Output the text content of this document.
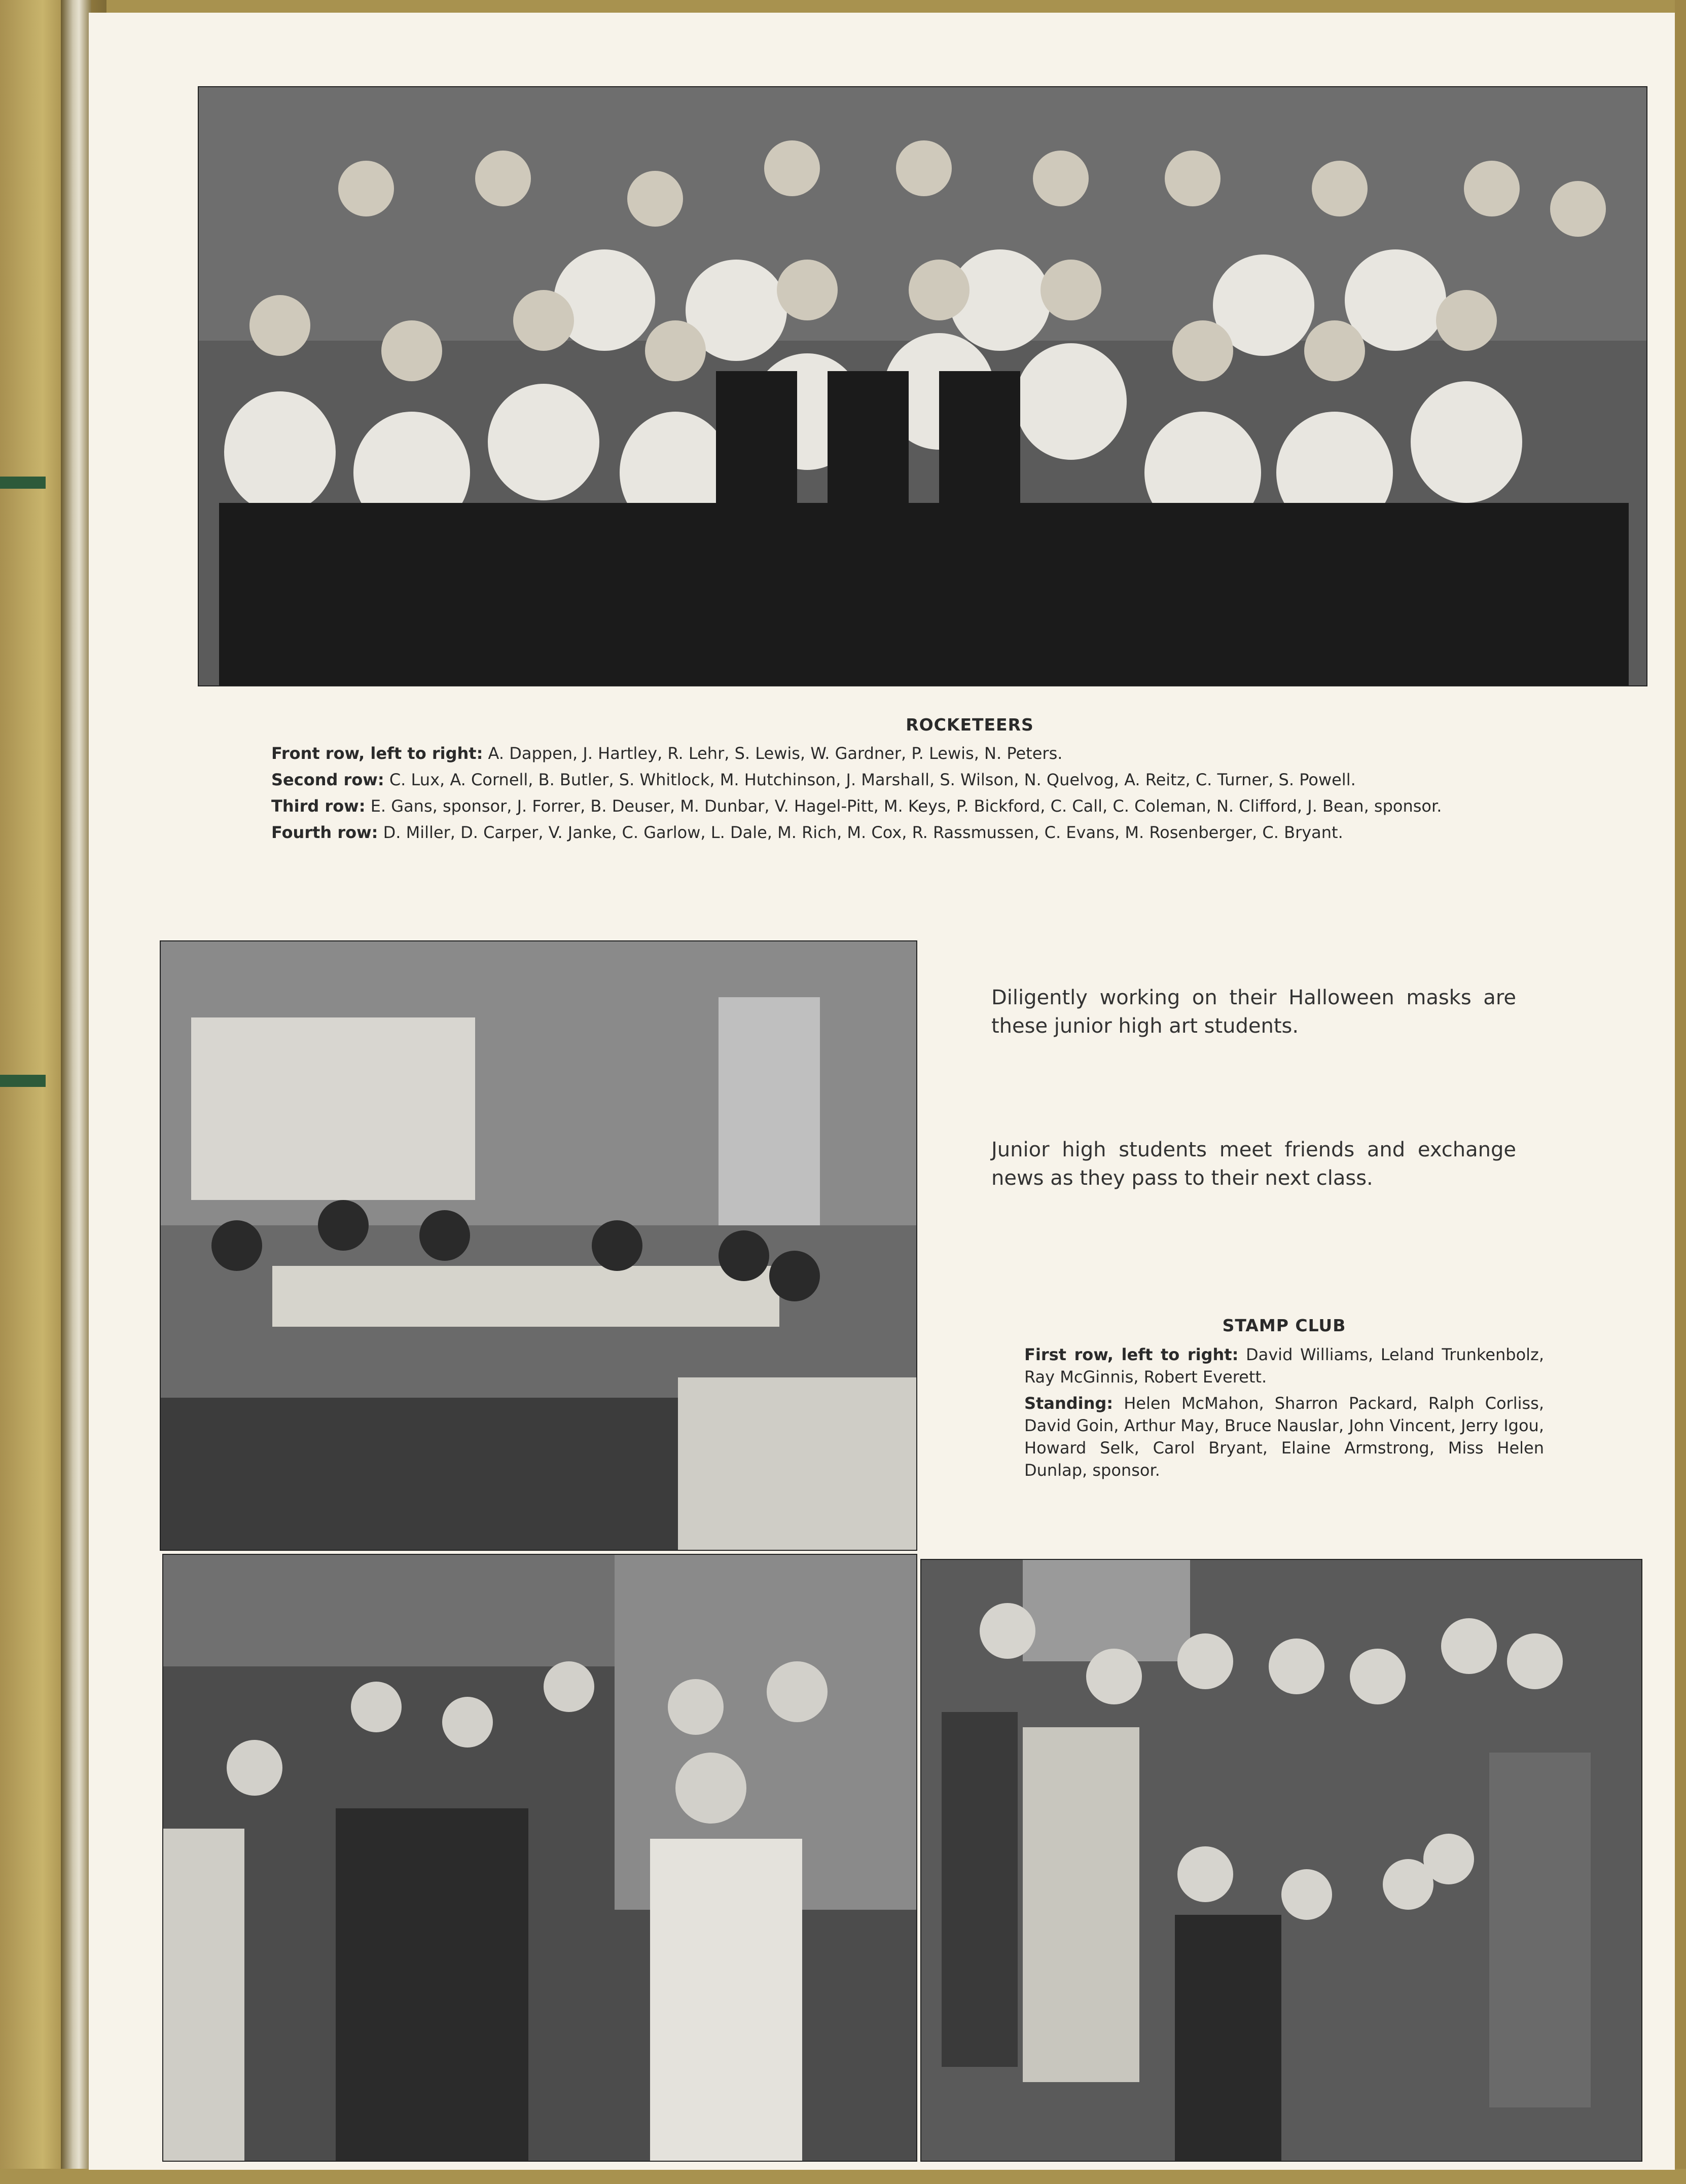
ROCKETEERS
Front row, left to right: A. Dappen, J. Hartley, R. Lehr, S. Lewis, W. Gardner, P. Lewis, N. Peters.
Second row: C. Lux, A. Cornell, B. Butler, S. Whitlock, M. Hutchinson, J. Marshall, S. Wilson, N. Quelvog, A. Reitz, C. Turner, S. Powell.
Third row: E. Gans, sponsor, J. Forrer, B. Deuser, M. Dunbar, V. Hagel-Pitt, M. Keys, P. Bickford, C. Call, C. Coleman, N. Clifford, J. Bean, sponsor.
Fourth row: D. Miller, D. Carper, V. Janke, C. Garlow, L. Dale, M. Rich, M. Cox, R. Rassmussen, C. Evans, M. Rosenberger, C. Bryant.
Diligently working on their Halloween masks are these junior high art students.
Junior high students meet friends and exchange news as they pass to their next class.
STAMP CLUB
First row, left to right: David Williams, Leland Trunkenbolz, Ray McGinnis, Robert Everett.
Standing: Helen McMahon, Sharron Packard, Ralph Corliss, David Goin, Arthur May, Bruce Nauslar, John Vincent, Jerry Igou, Howard Selk, Carol Bryant, Elaine Armstrong, Miss Helen Dunlap, sponsor.
